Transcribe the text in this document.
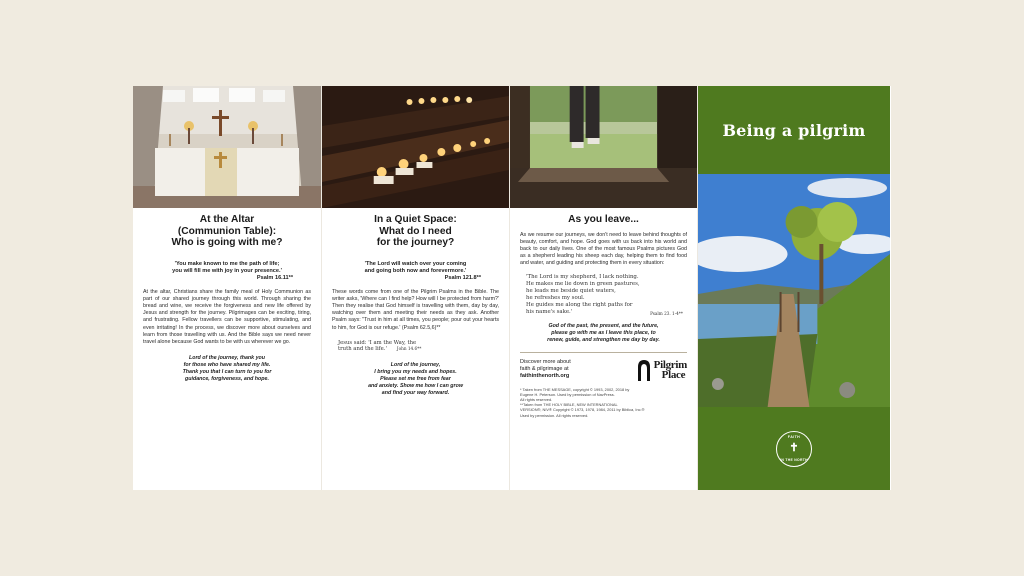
At the Altar
(Communion Table):
Who is going with me?
'You make known to me the path of life;
you will fill me with joy in your presence.'
Psalm 16.11**

At the altar, Christians share the family meal of Holy Communion as part of our shared journey through this world. Through sharing the bread and wine, we receive the forgiveness and new life offered by Jesus and strength for the journey. Pilgrimages can be exciting, tiring, and frustrating. Fellow travellers can be supportive, stimulating, and even irritating! In the process, we discover more about ourselves and learn from those travelling with us. And the Bible says we need never travel alone because God wants to be with us wherever we go.

Lord of the journey, thank you
for those who have shared my life.
Thank you that I can turn to you for
guidance, forgiveness, and hope.
In a Quiet Space:
What do I need
for the journey?
'The Lord will watch over your coming
and going both now and forevermore.'
Psalm 121.8**

These words come from one of the Pilgrim Psalms in the Bible. The writer asks, 'Where can I find help? How will I be protected from harm?' Then they realise that God himself is travelling with them, day by day, watching over them and meeting their needs as they ask. Another Psalm says: "Trust in him at all times, you people; pour out your hearts to him, for God is our refuge.' (Psalm 62.5,6)**

Jesus said: 'I am the Way, the
truth and the life.' John 14.6**
Lord of the journey,
I bring you my needs and hopes.
Please set me free from fear
and anxiety. Show me how I can grow
and find your way forward.
As you leave...

As we resume our journeys, we don't need to leave behind thoughts of beauty, comfort, and hope. God goes with us back into his world and back to our daily lives. One of the most famous Psalms pictures God as a shepherd leading his sheep each day, helping them to find food and water, and guiding and protecting them in every situation:

'The Lord is my shepherd, I lack nothing.
He makes me lie down in green pastures,
he leads me beside quiet waters,
he refreshes my soul.
He guides me along the right paths for
his name's sake.'	Psalm 23. 1-4**
God of the past, the present, and the future,
please go with me as I leave this place, to
renew, guide, and strengthen me day by day.
Discover more about
faith & pilgrimage at
faithinthenorth.org
Pilgrim
Place
* Taken from THE MESSAGE, copyright © 1993, 2002, 2018 by
Eugene H. Peterson. Used by permission of NavPress.
All rights reserved.
**Taken from THE HOLY BIBLE, NEW INTERNATIONAL
VERSION®, NIV® Copyright © 1973, 1978, 1984, 2011 by Biblica, Inc.®
Used by permission. All rights reserved.
Being a pilgrim
FAITH
✝
IN THE NORTH
